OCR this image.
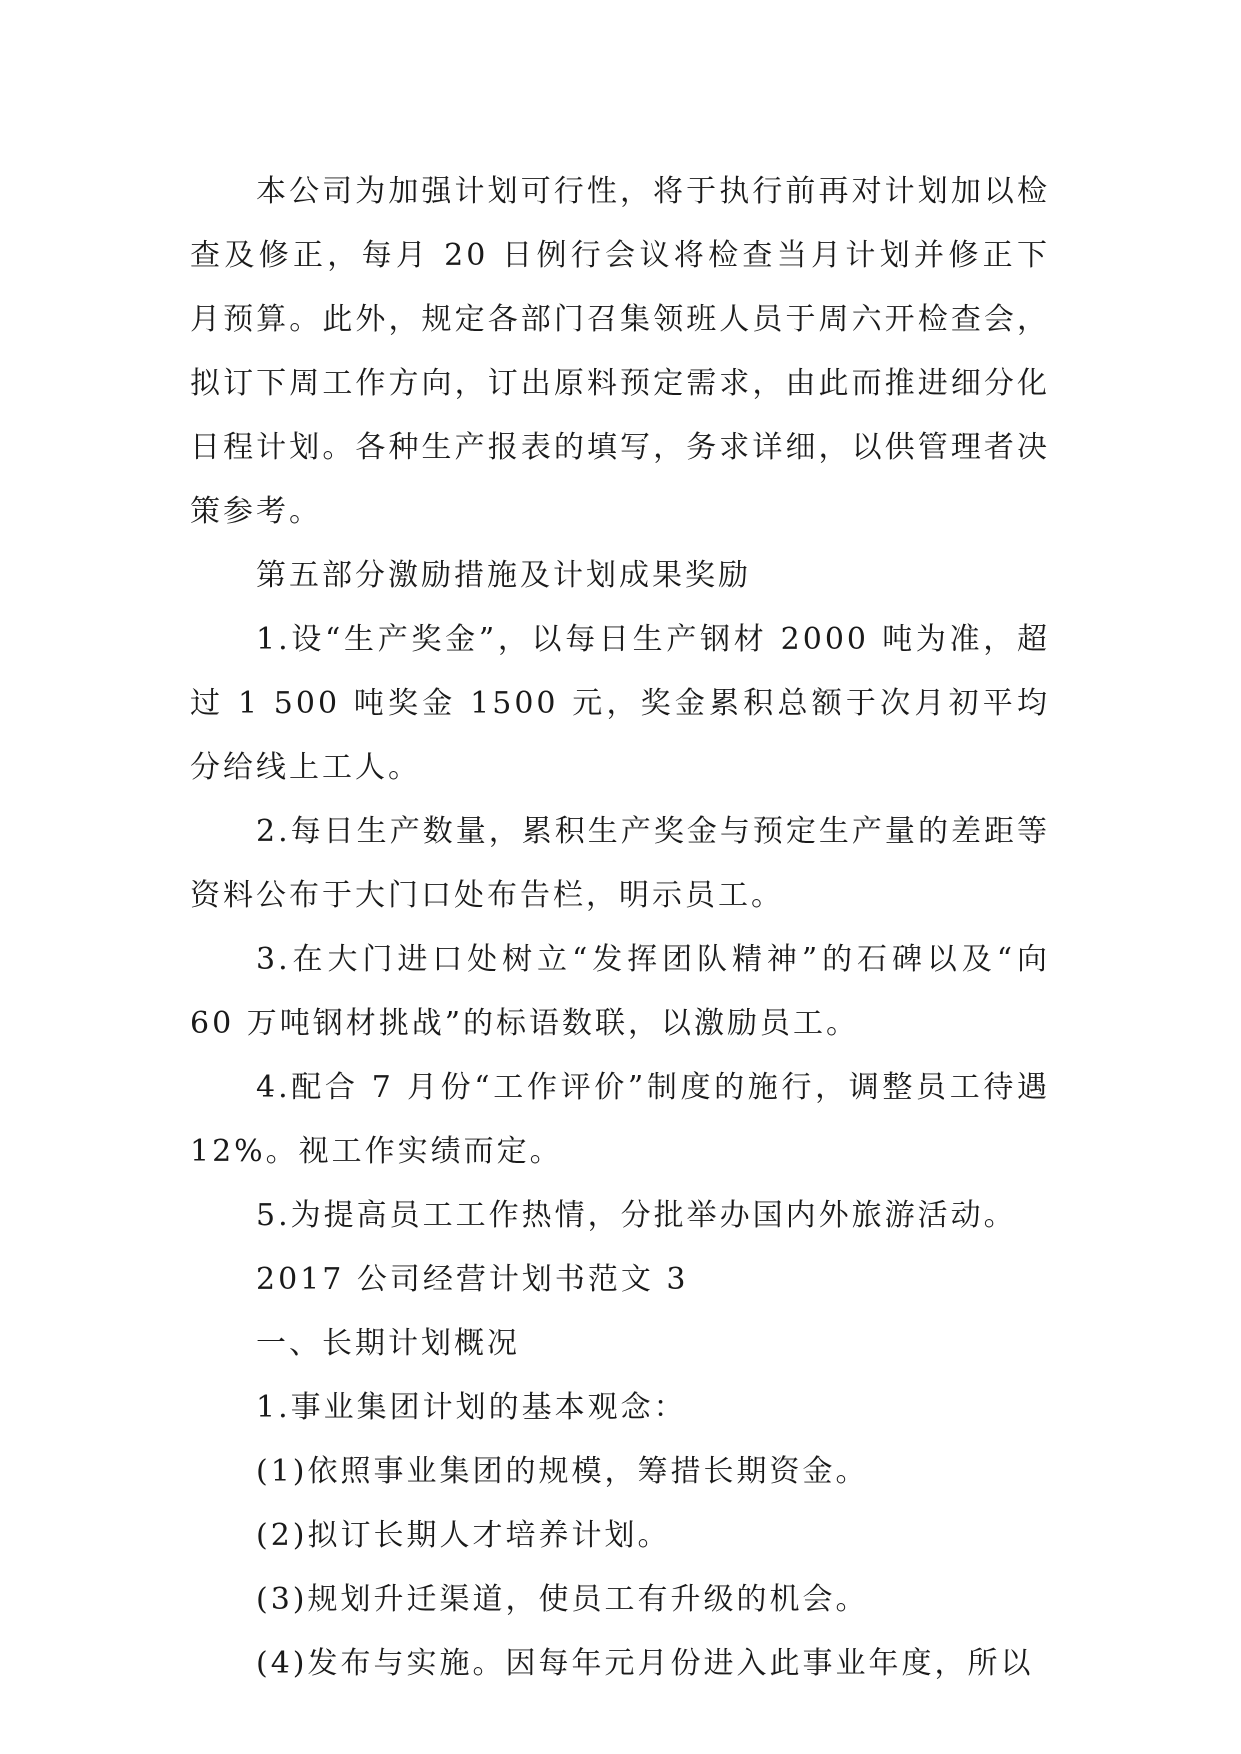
本公司为加强计划可行性，将于执行前再对计划加以检查及修正，每月 20 日例行会议将检查当月计划并修正下月预算。此外，规定各部门召集领班人员于周六开检查会，拟订下周工作方向，订出原料预定需求，由此而推进细分化日程计划。各种生产报表的填写，务求详细，以供管理者决策参考。

第五部分激励措施及计划成果奖励

1.设“生产奖金”，以每日生产钢材 2000 吨为准，超过 1 500 吨奖金 1500 元，奖金累积总额于次月初平均分给线上工人。

2.每日生产数量，累积生产奖金与预定生产量的差距等资料公布于大门口处布告栏，明示员工。

3.在大门进口处树立“发挥团队精神”的石碑以及“向 60 万吨钢材挑战”的标语数联，以激励员工。

4.配合 7 月份“工作评价”制度的施行，调整员工待遇 12%。视工作实绩而定。

5.为提高员工工作热情，分批举办国内外旅游活动。

2017 公司经营计划书范文 3

一、长期计划概况

1.事业集团计划的基本观念：

(1)依照事业集团的规模，筹措长期资金。

(2)拟订长期人才培养计划。

(3)规划升迁渠道，使员工有升级的机会。

(4)发布与实施。因每年元月份进入此事业年度，所以
